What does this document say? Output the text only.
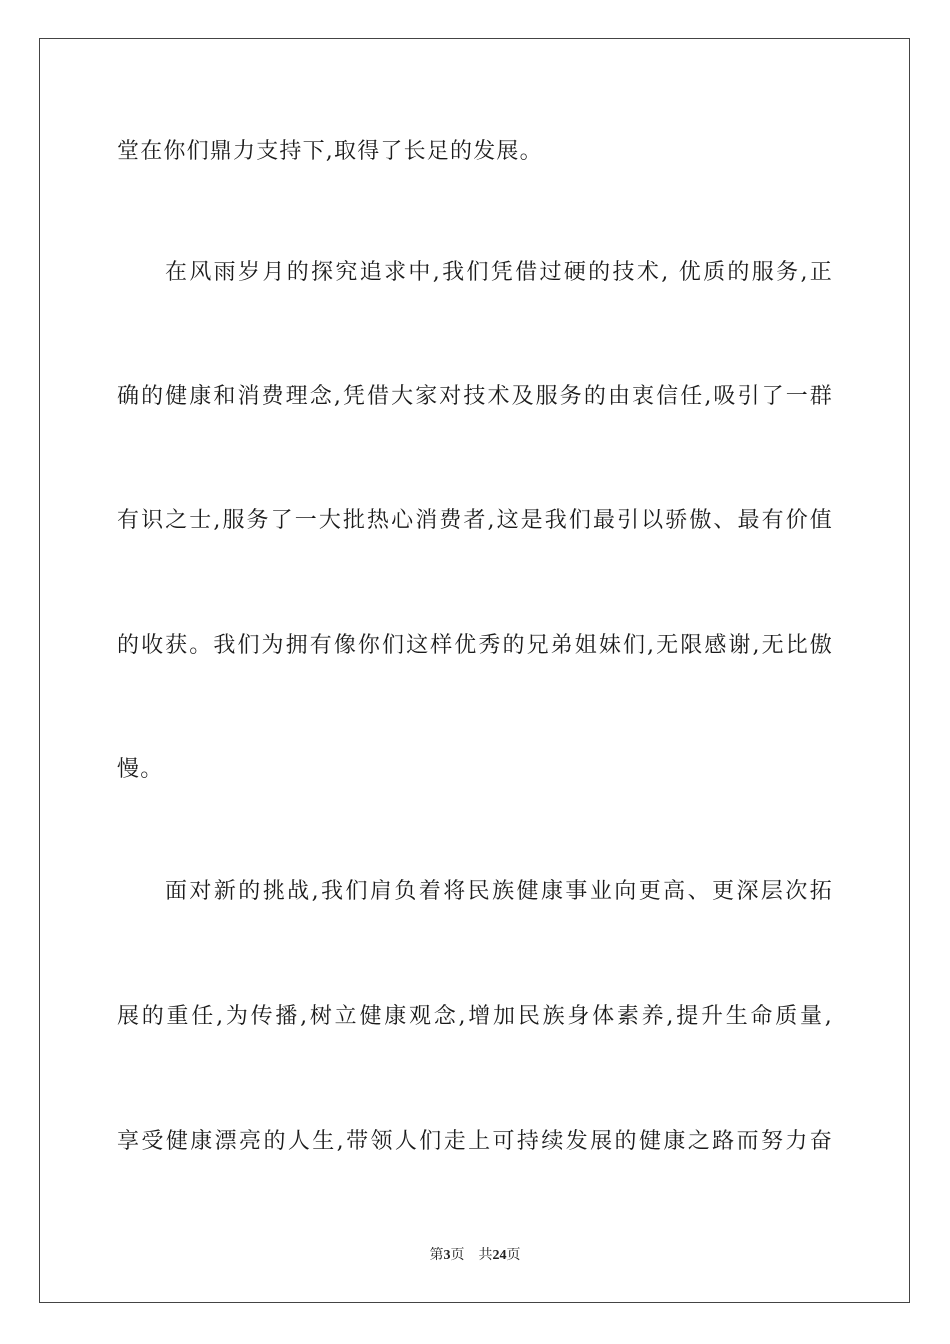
堂在你们鼎力支持下,取得了长足的发展。
在风雨岁月的探究追求中,我们凭借过硬的技术, 优质的服务,正
确的健康和消费理念,凭借大家对技术及服务的由衷信任,吸引了一群
有识之士,服务了一大批热心消费者,这是我们最引以骄傲、最有价值
的收获。我们为拥有像你们这样优秀的兄弟姐妹们,无限感谢,无比傲
慢。
面对新的挑战,我们肩负着将民族健康事业向更高、更深层次拓
展的重任,为传播,树立健康观念,增加民族身体素养,提升生命质量,
享受健康漂亮的人生,带领人们走上可持续发展的健康之路而努力奋
第3页 共24页
